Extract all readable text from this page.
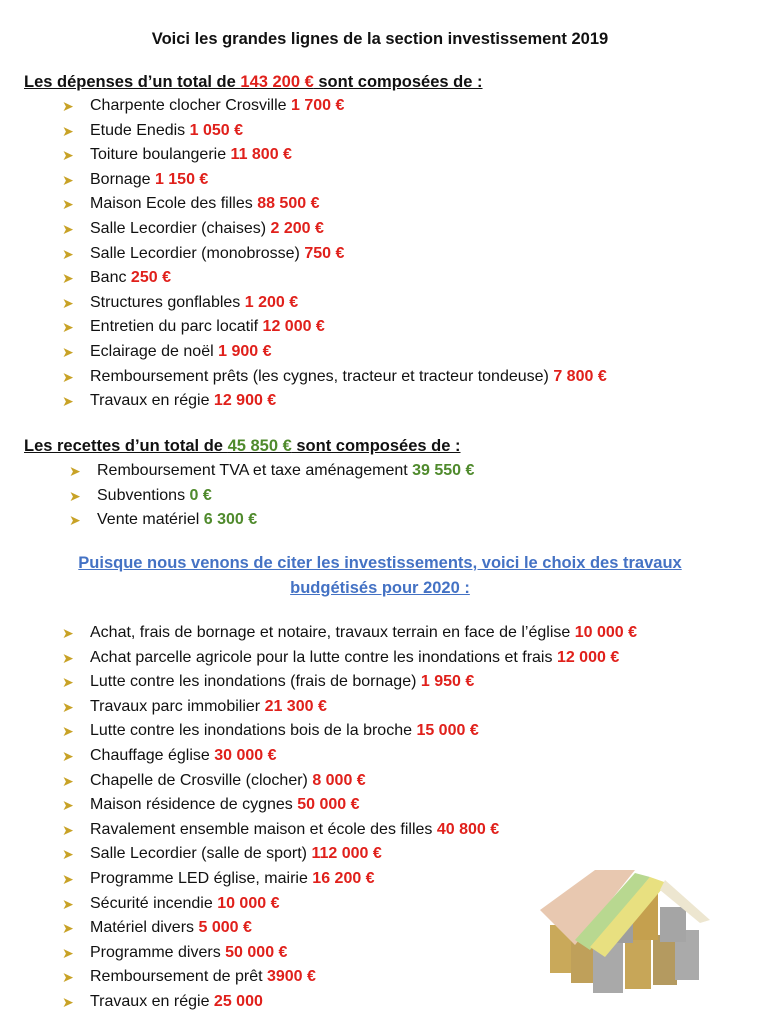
Voici les grandes lignes de la section investissement 2019
Les dépenses d’un total de 143 200 € sont composées de :
➤ Charpente clocher Crosville 1 700 €
➤ Etude Enedis 1 050 €
➤ Toiture boulangerie 11 800 €
➤ Bornage 1 150 €
➤ Maison Ecole des filles 88 500 €
➤ Salle Lecordier (chaises) 2 200 €
➤ Salle Lecordier (monobrosse) 750 €
➤ Banc 250 €
➤ Structures gonflables 1 200 €
➤ Entretien du parc locatif 12 000 €
➤ Eclairage de noël 1 900 €
➤ Remboursement prêts (les cygnes, tracteur et tracteur tondeuse) 7 800 €
➤ Travaux en régie 12 900 €
Les recettes d’un total de 45 850 € sont composées de :
➤ Remboursement TVA et taxe aménagement 39 550 €
➤ Subventions 0 €
➤ Vente matériel 6 300 €
Puisque nous venons de citer les investissements, voici le choix des travaux
budgétisés pour 2020 :
➤ Achat, frais de bornage et notaire, travaux terrain en face de l’église 10 000 €
➤ Achat parcelle agricole pour la lutte contre les inondations et frais 12 000 €
➤ Lutte contre les inondations (frais de bornage) 1 950 €
➤ Travaux parc immobilier 21 300 €
➤ Lutte contre les inondations bois de la broche 15 000 €
➤ Chauffage église 30 000 €
➤ Chapelle de Crosville (clocher) 8 000 €
➤ Maison résidence de cygnes 50 000 €
➤ Ravalement ensemble maison et école des filles 40 800 €
➤ Salle Lecordier (salle de sport) 112 000 €
➤ Programme LED église, mairie 16 200 €
➤ Sécurité incendie 10 000 €
➤ Matériel divers 5 000 €
➤ Programme divers 50 000 €
➤ Remboursement de prêt 3900 €
➤ Travaux en régie 25 000
